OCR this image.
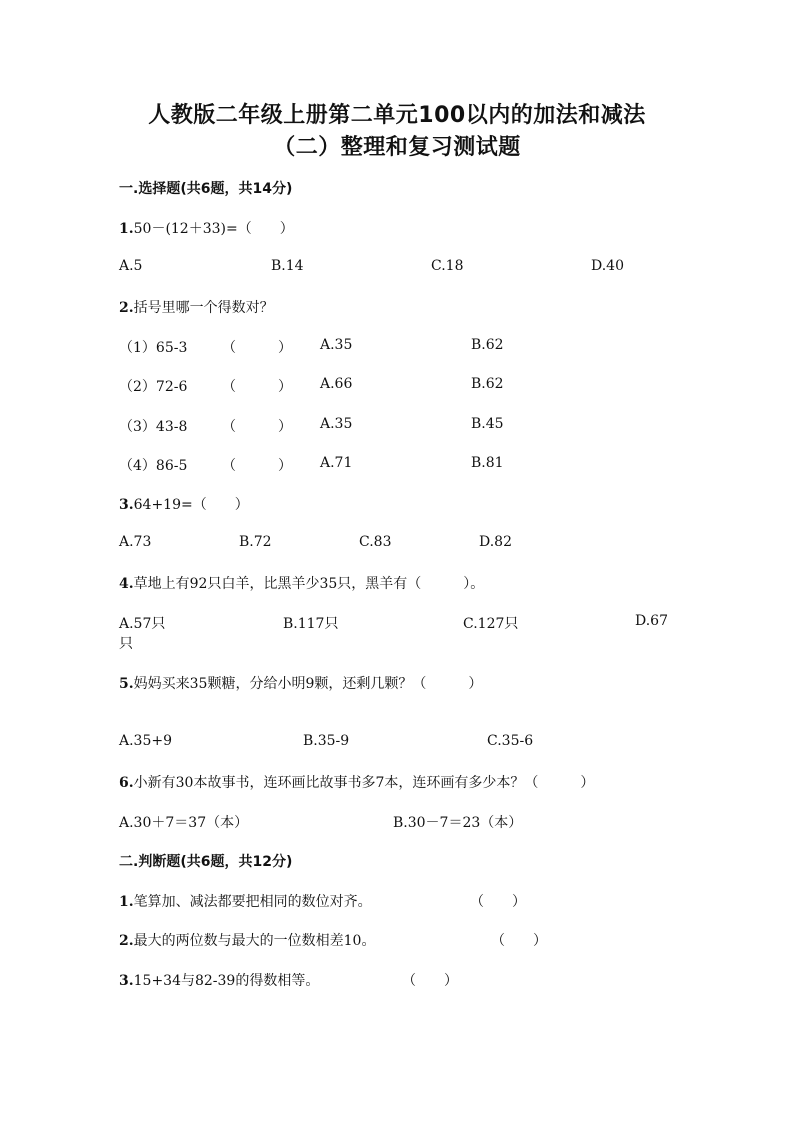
人教版二年级上册第二单元100以内的加法和减法
（二）整理和复习测试题
一.选择题(共6题，共14分)
1.50－(12＋33)=（　　）
A.5	B.14	C.18	D.40
2.括号里哪一个得数对？
（1）65-3 （　　　） A.35	B.62
（2）72-6 （　　　） A.66	B.62
（3）43-8 （　　　） A.35	B.45
（4）86-5 （　　　） A.71	B.81
3.64+19=（　　）
A.73	B.72	C.83	D.82
4.草地上有92只白羊，比黑羊少35只，黑羊有（　　　）。
A.57只	B.117只	C.127只	D.67
只
5.妈妈买来35颗糖，分给小明9颗，还剩几颗？（　　　）
A.35+9	B.35-9	C.35-6
6.小新有30本故事书，连环画比故事书多7本，连环画有多少本？（　　　）
A.30＋7＝37（本）	B.30－7＝23（本）
二.判断题(共6题，共12分)
1.笔算加、减法都要把相同的数位对齐。	（　　）
2.最大的两位数与最大的一位数相差10。	（　　）
3.15+34与82-39的得数相等。	（　　）
